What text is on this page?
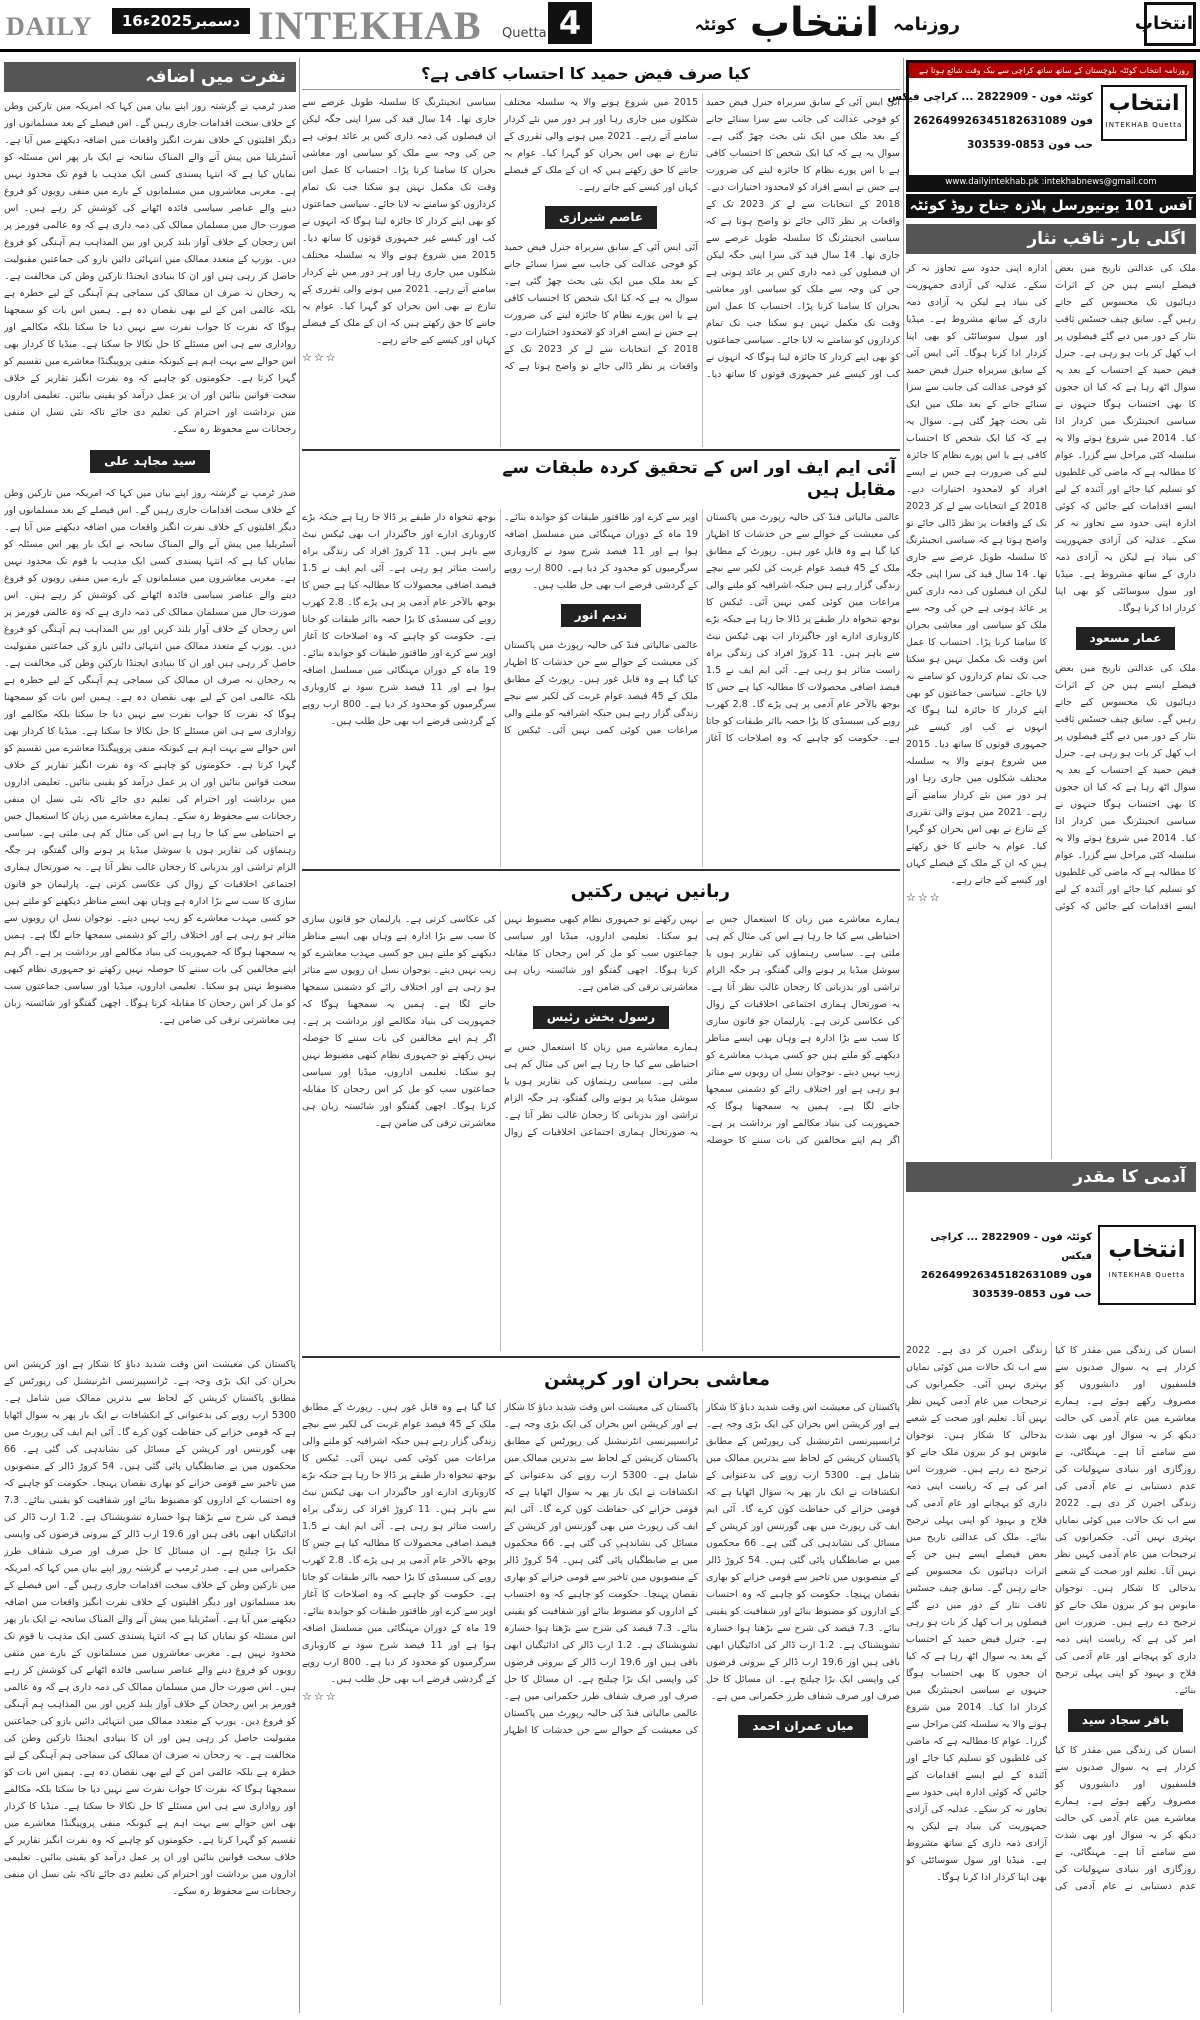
DAILY	16دسمبر2025ء INTEKHAB Quetta 4	روزنامہ انتخاب کوئٹہ	انتخاب
نفرت میں اضافہ
صدر ٹرمپ نے گزشتہ روز اپنے بیان میں کہا کہ امریکہ میں تارکین وطن کے خلاف سخت اقدامات جاری رہیں گے۔ اس فیصلے کے بعد مسلمانوں اور دیگر اقلیتوں کے خلاف نفرت انگیز واقعات میں اضافہ دیکھنے میں آیا ہے۔ آسٹریلیا میں پیش آنے والے المناک سانحہ نے ایک بار پھر اس مسئلہ کو نمایاں کیا ہے کہ انتہا پسندی کسی ایک مذہب یا قوم تک محدود نہیں ہے۔ مغربی معاشروں میں مسلمانوں کے بارے میں منفی رویوں کو فروغ دینے والے عناصر سیاسی فائدہ اٹھانے کی کوشش کر رہے ہیں۔ اس صورت حال میں مسلمان ممالک کی ذمہ داری ہے کہ وہ عالمی فورمز پر اس رجحان کے خلاف آواز بلند کریں اور بین المذاہب ہم آہنگی کو فروغ دیں۔ یورپ کے متعدد ممالک میں انتہائی دائیں بازو کی جماعتیں مقبولیت حاصل کر رہی ہیں اور ان کا بنیادی ایجنڈا تارکین وطن کی مخالفت ہے۔ یہ رجحان نہ صرف ان ممالک کی سماجی ہم آہنگی کے لیے خطرہ ہے بلکہ عالمی امن کے لیے بھی نقصان دہ ہے۔ ہمیں اس بات کو سمجھنا ہوگا کہ نفرت کا جواب نفرت سے نہیں دیا جا سکتا بلکہ مکالمے اور رواداری سے ہی اس مسئلے کا حل نکالا جا سکتا ہے۔ میڈیا کا کردار بھی اس حوالے سے بہت اہم ہے کیونکہ منفی پروپیگنڈا معاشرے میں تقسیم کو گہرا کرتا ہے۔ حکومتوں کو چاہیے کہ وہ نفرت انگیز تقاریر کے خلاف سخت قوانین بنائیں اور ان پر عمل درآمد کو یقینی بنائیں۔ تعلیمی اداروں میں برداشت اور احترام کی تعلیم دی جائے تاکہ نئی نسل ان منفی رجحانات سے محفوظ رہ سکے۔
سید مجاہد علی
صدر ٹرمپ نے گزشتہ روز اپنے بیان میں کہا کہ امریکہ میں تارکین وطن کے خلاف سخت اقدامات جاری رہیں گے۔ اس فیصلے کے بعد مسلمانوں اور دیگر اقلیتوں کے خلاف نفرت انگیز واقعات میں اضافہ دیکھنے میں آیا ہے۔ آسٹریلیا میں پیش آنے والے المناک سانحہ نے ایک بار پھر اس مسئلہ کو نمایاں کیا ہے کہ انتہا پسندی کسی ایک مذہب یا قوم تک محدود نہیں ہے۔ مغربی معاشروں میں مسلمانوں کے بارے میں منفی رویوں کو فروغ دینے والے عناصر سیاسی فائدہ اٹھانے کی کوشش کر رہے ہیں۔ اس صورت حال میں مسلمان ممالک کی ذمہ داری ہے کہ وہ عالمی فورمز پر اس رجحان کے خلاف آواز بلند کریں اور بین المذاہب ہم آہنگی کو فروغ دیں۔ یورپ کے متعدد ممالک میں انتہائی دائیں بازو کی جماعتیں مقبولیت حاصل کر رہی ہیں اور ان کا بنیادی ایجنڈا تارکین وطن کی مخالفت ہے۔ یہ رجحان نہ صرف ان ممالک کی سماجی ہم آہنگی کے لیے خطرہ ہے بلکہ عالمی امن کے لیے بھی نقصان دہ ہے۔ ہمیں اس بات کو سمجھنا ہوگا کہ نفرت کا جواب نفرت سے نہیں دیا جا سکتا بلکہ مکالمے اور رواداری سے ہی اس مسئلے کا حل نکالا جا سکتا ہے۔ میڈیا کا کردار بھی اس حوالے سے بہت اہم ہے کیونکہ منفی پروپیگنڈا معاشرے میں تقسیم کو گہرا کرتا ہے۔ حکومتوں کو چاہیے کہ وہ نفرت انگیز تقاریر کے خلاف سخت قوانین بنائیں اور ان پر عمل درآمد کو یقینی بنائیں۔ تعلیمی اداروں میں برداشت اور احترام کی تعلیم دی جائے تاکہ نئی نسل ان منفی رجحانات سے محفوظ رہ سکے۔ ہمارے معاشرے میں زبان کا استعمال جس بے احتیاطی سے کیا جا رہا ہے اس کی مثال کم ہی ملتی ہے۔ سیاسی رہنماؤں کی تقاریر ہوں یا سوشل میڈیا پر ہونے والی گفتگو، ہر جگہ الزام تراشی اور بدزبانی کا رجحان غالب نظر آتا ہے۔ یہ صورتحال ہماری اجتماعی اخلاقیات کے زوال کی عکاسی کرتی ہے۔ پارلیمان جو قانون سازی کا سب سے بڑا ادارہ ہے وہاں بھی ایسے مناظر دیکھنے کو ملتے ہیں جو کسی مہذب معاشرے کو زیب نہیں دیتے۔ نوجوان نسل ان رویوں سے متاثر ہو رہی ہے اور اختلاف رائے کو دشمنی سمجھا جانے لگا ہے۔ ہمیں یہ سمجھنا ہوگا کہ جمہوریت کی بنیاد مکالمے اور برداشت پر ہے۔ اگر ہم اپنے مخالفین کی بات سننے کا حوصلہ نہیں رکھتے تو جمہوری نظام کبھی مضبوط نہیں ہو سکتا۔ تعلیمی اداروں، میڈیا اور سیاسی جماعتوں سب کو مل کر اس رجحان کا مقابلہ کرنا ہوگا۔ اچھی گفتگو اور شائستہ زبان ہی معاشرتی ترقی کی ضامن ہے۔
پاکستان کی معیشت اس وقت شدید دباؤ کا شکار ہے اور کرپشن اس بحران کی ایک بڑی وجہ ہے۔ ٹرانسپیرنسی انٹرنیشنل کی رپورٹس کے مطابق پاکستان کرپشن کے لحاظ سے بدترین ممالک میں شامل ہے۔ 5300 ارب روپے کی بدعنوانی کے انکشافات نے ایک بار پھر یہ سوال اٹھایا ہے کہ قومی خزانے کی حفاظت کون کرے گا۔ آئی ایم ایف کی رپورٹ میں بھی گورننس اور کرپشن کے مسائل کی نشاندہی کی گئی ہے۔ 66 محکموں میں بے ضابطگیاں پائی گئی ہیں۔ 54 کروڑ ڈالر کے منصوبوں میں تاخیر سے قومی خزانے کو بھاری نقصان پہنچا۔ حکومت کو چاہیے کہ وہ احتساب کے اداروں کو مضبوط بنائے اور شفافیت کو یقینی بنائے۔ 7.3 فیصد کی شرح سے بڑھتا ہوا خسارہ تشویشناک ہے۔ 1.2 ارب ڈالر کی ادائیگیاں ابھی باقی ہیں اور 19.6 ارب ڈالر کے بیرونی قرضوں کی واپسی ایک بڑا چیلنج ہے۔ ان مسائل کا حل صرف اور صرف شفاف طرز حکمرانی میں ہے۔ صدر ٹرمپ نے گزشتہ روز اپنے بیان میں کہا کہ امریکہ میں تارکین وطن کے خلاف سخت اقدامات جاری رہیں گے۔ اس فیصلے کے بعد مسلمانوں اور دیگر اقلیتوں کے خلاف نفرت انگیز واقعات میں اضافہ دیکھنے میں آیا ہے۔ آسٹریلیا میں پیش آنے والے المناک سانحہ نے ایک بار پھر اس مسئلہ کو نمایاں کیا ہے کہ انتہا پسندی کسی ایک مذہب یا قوم تک محدود نہیں ہے۔ مغربی معاشروں میں مسلمانوں کے بارے میں منفی رویوں کو فروغ دینے والے عناصر سیاسی فائدہ اٹھانے کی کوشش کر رہے ہیں۔ اس صورت حال میں مسلمان ممالک کی ذمہ داری ہے کہ وہ عالمی فورمز پر اس رجحان کے خلاف آواز بلند کریں اور بین المذاہب ہم آہنگی کو فروغ دیں۔ یورپ کے متعدد ممالک میں انتہائی دائیں بازو کی جماعتیں مقبولیت حاصل کر رہی ہیں اور ان کا بنیادی ایجنڈا تارکین وطن کی مخالفت ہے۔ یہ رجحان نہ صرف ان ممالک کی سماجی ہم آہنگی کے لیے خطرہ ہے بلکہ عالمی امن کے لیے بھی نقصان دہ ہے۔ ہمیں اس بات کو سمجھنا ہوگا کہ نفرت کا جواب نفرت سے نہیں دیا جا سکتا بلکہ مکالمے اور رواداری سے ہی اس مسئلے کا حل نکالا جا سکتا ہے۔ میڈیا کا کردار بھی اس حوالے سے بہت اہم ہے کیونکہ منفی پروپیگنڈا معاشرے میں تقسیم کو گہرا کرتا ہے۔ حکومتوں کو چاہیے کہ وہ نفرت انگیز تقاریر کے خلاف سخت قوانین بنائیں اور ان پر عمل درآمد کو یقینی بنائیں۔ تعلیمی اداروں میں برداشت اور احترام کی تعلیم دی جائے تاکہ نئی نسل ان منفی رجحانات سے محفوظ رہ سکے۔
کیا صرف فیض حمید کا احتساب کافی ہے؟
آئی ایس آئی کے سابق سربراہ جنرل فیض حمید کو فوجی عدالت کی جانب سے سزا سنائے جانے کے بعد ملک میں ایک نئی بحث چھڑ گئی ہے۔ سوال یہ ہے کہ کیا ایک شخص کا احتساب کافی ہے یا اس پورے نظام کا جائزہ لینے کی ضرورت ہے جس نے ایسے افراد کو لامحدود اختیارات دیے۔ 2018 کے انتخابات سے لے کر 2023 تک کے واقعات پر نظر ڈالی جائے تو واضح ہوتا ہے کہ سیاسی انجینئرنگ کا سلسلہ طویل عرصے سے جاری تھا۔ 14 سال قید کی سزا اپنی جگہ لیکن ان فیصلوں کی ذمہ داری کس پر عائد ہوتی ہے جن کی وجہ سے ملک کو سیاسی اور معاشی بحران کا سامنا کرنا پڑا۔ احتساب کا عمل اس وقت تک مکمل نہیں ہو سکتا جب تک تمام کرداروں کو سامنے نہ لایا جائے۔ سیاسی جماعتوں کو بھی اپنے کردار کا جائزہ لینا ہوگا کہ انہوں نے کب اور کیسے غیر جمہوری قوتوں کا ساتھ دیا۔ 2015 میں شروع ہونے والا یہ سلسلہ مختلف شکلوں میں جاری رہا اور ہر دور میں نئے کردار سامنے آتے رہے۔ 2021 میں ہونے والی تقرری کے تنازع نے بھی اس بحران کو گہرا کیا۔ عوام یہ جاننے کا حق رکھتے ہیں کہ ان کے ملک کے فیصلے کہاں اور کیسے کیے جاتے رہے۔
عاصم شیرازی
آئی ایس آئی کے سابق سربراہ جنرل فیض حمید کو فوجی عدالت کی جانب سے سزا سنائے جانے کے بعد ملک میں ایک نئی بحث چھڑ گئی ہے۔ سوال یہ ہے کہ کیا ایک شخص کا احتساب کافی ہے یا اس پورے نظام کا جائزہ لینے کی ضرورت ہے جس نے ایسے افراد کو لامحدود اختیارات دیے۔ 2018 کے انتخابات سے لے کر 2023 تک کے واقعات پر نظر ڈالی جائے تو واضح ہوتا ہے کہ سیاسی انجینئرنگ کا سلسلہ طویل عرصے سے جاری تھا۔ 14 سال قید کی سزا اپنی جگہ لیکن ان فیصلوں کی ذمہ داری کس پر عائد ہوتی ہے جن کی وجہ سے ملک کو سیاسی اور معاشی بحران کا سامنا کرنا پڑا۔ احتساب کا عمل اس وقت تک مکمل نہیں ہو سکتا جب تک تمام کرداروں کو سامنے نہ لایا جائے۔ سیاسی جماعتوں کو بھی اپنے کردار کا جائزہ لینا ہوگا کہ انہوں نے کب اور کیسے غیر جمہوری قوتوں کا ساتھ دیا۔ 2015 میں شروع ہونے والا یہ سلسلہ مختلف شکلوں میں جاری رہا اور ہر دور میں نئے کردار سامنے آتے رہے۔ 2021 میں ہونے والی تقرری کے تنازع نے بھی اس بحران کو گہرا کیا۔ عوام یہ جاننے کا حق رکھتے ہیں کہ ان کے ملک کے فیصلے کہاں اور کیسے کیے جاتے رہے۔
☆☆☆
آئی ایم ایف اور اس کے تحقیق کردہ طبقات سے مقابل ہیں
عالمی مالیاتی فنڈ کی حالیہ رپورٹ میں پاکستان کی معیشت کے حوالے سے جن خدشات کا اظہار کیا گیا ہے وہ قابل غور ہیں۔ رپورٹ کے مطابق ملک کے 45 فیصد عوام غربت کی لکیر سے نیچے زندگی گزار رہے ہیں جبکہ اشرافیہ کو ملنے والی مراعات میں کوئی کمی نہیں آئی۔ ٹیکس کا بوجھ تنخواہ دار طبقے پر ڈالا جا رہا ہے جبکہ بڑے کاروباری ادارے اور جاگیردار اب بھی ٹیکس نیٹ سے باہر ہیں۔ 11 کروڑ افراد کی زندگی براہ راست متاثر ہو رہی ہے۔ آئی ایم ایف نے 1.5 فیصد اضافی محصولات کا مطالبہ کیا ہے جس کا بوجھ بالآخر عام آدمی پر ہی پڑے گا۔ 2.8 کھرب روپے کی سبسڈی کا بڑا حصہ بااثر طبقات کو جاتا ہے۔ حکومت کو چاہیے کہ وہ اصلاحات کا آغاز اوپر سے کرے اور طاقتور طبقات کو جوابدہ بنائے۔ 19 ماہ کے دوران مہنگائی میں مسلسل اضافہ ہوا ہے اور 11 فیصد شرح سود نے کاروباری سرگرمیوں کو محدود کر دیا ہے۔ 800 ارب روپے کے گردشی قرضے اب بھی حل طلب ہیں۔
ندیم انور
عالمی مالیاتی فنڈ کی حالیہ رپورٹ میں پاکستان کی معیشت کے حوالے سے جن خدشات کا اظہار کیا گیا ہے وہ قابل غور ہیں۔ رپورٹ کے مطابق ملک کے 45 فیصد عوام غربت کی لکیر سے نیچے زندگی گزار رہے ہیں جبکہ اشرافیہ کو ملنے والی مراعات میں کوئی کمی نہیں آئی۔ ٹیکس کا بوجھ تنخواہ دار طبقے پر ڈالا جا رہا ہے جبکہ بڑے کاروباری ادارے اور جاگیردار اب بھی ٹیکس نیٹ سے باہر ہیں۔ 11 کروڑ افراد کی زندگی براہ راست متاثر ہو رہی ہے۔ آئی ایم ایف نے 1.5 فیصد اضافی محصولات کا مطالبہ کیا ہے جس کا بوجھ بالآخر عام آدمی پر ہی پڑے گا۔ 2.8 کھرب روپے کی سبسڈی کا بڑا حصہ بااثر طبقات کو جاتا ہے۔ حکومت کو چاہیے کہ وہ اصلاحات کا آغاز اوپر سے کرے اور طاقتور طبقات کو جوابدہ بنائے۔ 19 ماہ کے دوران مہنگائی میں مسلسل اضافہ ہوا ہے اور 11 فیصد شرح سود نے کاروباری سرگرمیوں کو محدود کر دیا ہے۔ 800 ارب روپے کے گردشی قرضے اب بھی حل طلب ہیں۔
ربانیں نہیں رکتیں
ہمارے معاشرے میں زبان کا استعمال جس بے احتیاطی سے کیا جا رہا ہے اس کی مثال کم ہی ملتی ہے۔ سیاسی رہنماؤں کی تقاریر ہوں یا سوشل میڈیا پر ہونے والی گفتگو، ہر جگہ الزام تراشی اور بدزبانی کا رجحان غالب نظر آتا ہے۔ یہ صورتحال ہماری اجتماعی اخلاقیات کے زوال کی عکاسی کرتی ہے۔ پارلیمان جو قانون سازی کا سب سے بڑا ادارہ ہے وہاں بھی ایسے مناظر دیکھنے کو ملتے ہیں جو کسی مہذب معاشرے کو زیب نہیں دیتے۔ نوجوان نسل ان رویوں سے متاثر ہو رہی ہے اور اختلاف رائے کو دشمنی سمجھا جانے لگا ہے۔ ہمیں یہ سمجھنا ہوگا کہ جمہوریت کی بنیاد مکالمے اور برداشت پر ہے۔ اگر ہم اپنے مخالفین کی بات سننے کا حوصلہ نہیں رکھتے تو جمہوری نظام کبھی مضبوط نہیں ہو سکتا۔ تعلیمی اداروں، میڈیا اور سیاسی جماعتوں سب کو مل کر اس رجحان کا مقابلہ کرنا ہوگا۔ اچھی گفتگو اور شائستہ زبان ہی معاشرتی ترقی کی ضامن ہے۔
رسول بخش رئیس
ہمارے معاشرے میں زبان کا استعمال جس بے احتیاطی سے کیا جا رہا ہے اس کی مثال کم ہی ملتی ہے۔ سیاسی رہنماؤں کی تقاریر ہوں یا سوشل میڈیا پر ہونے والی گفتگو، ہر جگہ الزام تراشی اور بدزبانی کا رجحان غالب نظر آتا ہے۔ یہ صورتحال ہماری اجتماعی اخلاقیات کے زوال کی عکاسی کرتی ہے۔ پارلیمان جو قانون سازی کا سب سے بڑا ادارہ ہے وہاں بھی ایسے مناظر دیکھنے کو ملتے ہیں جو کسی مہذب معاشرے کو زیب نہیں دیتے۔ نوجوان نسل ان رویوں سے متاثر ہو رہی ہے اور اختلاف رائے کو دشمنی سمجھا جانے لگا ہے۔ ہمیں یہ سمجھنا ہوگا کہ جمہوریت کی بنیاد مکالمے اور برداشت پر ہے۔ اگر ہم اپنے مخالفین کی بات سننے کا حوصلہ نہیں رکھتے تو جمہوری نظام کبھی مضبوط نہیں ہو سکتا۔ تعلیمی اداروں، میڈیا اور سیاسی جماعتوں سب کو مل کر اس رجحان کا مقابلہ کرنا ہوگا۔ اچھی گفتگو اور شائستہ زبان ہی معاشرتی ترقی کی ضامن ہے۔
معاشی بحران اور کرپشن
پاکستان کی معیشت اس وقت شدید دباؤ کا شکار ہے اور کرپشن اس بحران کی ایک بڑی وجہ ہے۔ ٹرانسپیرنسی انٹرنیشنل کی رپورٹس کے مطابق پاکستان کرپشن کے لحاظ سے بدترین ممالک میں شامل ہے۔ 5300 ارب روپے کی بدعنوانی کے انکشافات نے ایک بار پھر یہ سوال اٹھایا ہے کہ قومی خزانے کی حفاظت کون کرے گا۔ آئی ایم ایف کی رپورٹ میں بھی گورننس اور کرپشن کے مسائل کی نشاندہی کی گئی ہے۔ 66 محکموں میں بے ضابطگیاں پائی گئی ہیں۔ 54 کروڑ ڈالر کے منصوبوں میں تاخیر سے قومی خزانے کو بھاری نقصان پہنچا۔ حکومت کو چاہیے کہ وہ احتساب کے اداروں کو مضبوط بنائے اور شفافیت کو یقینی بنائے۔ 7.3 فیصد کی شرح سے بڑھتا ہوا خسارہ تشویشناک ہے۔ 1.2 ارب ڈالر کی ادائیگیاں ابھی باقی ہیں اور 19.6 ارب ڈالر کے بیرونی قرضوں کی واپسی ایک بڑا چیلنج ہے۔ ان مسائل کا حل صرف اور صرف شفاف طرز حکمرانی میں ہے۔
میاں عمران احمد
پاکستان کی معیشت اس وقت شدید دباؤ کا شکار ہے اور کرپشن اس بحران کی ایک بڑی وجہ ہے۔ ٹرانسپیرنسی انٹرنیشنل کی رپورٹس کے مطابق پاکستان کرپشن کے لحاظ سے بدترین ممالک میں شامل ہے۔ 5300 ارب روپے کی بدعنوانی کے انکشافات نے ایک بار پھر یہ سوال اٹھایا ہے کہ قومی خزانے کی حفاظت کون کرے گا۔ آئی ایم ایف کی رپورٹ میں بھی گورننس اور کرپشن کے مسائل کی نشاندہی کی گئی ہے۔ 66 محکموں میں بے ضابطگیاں پائی گئی ہیں۔ 54 کروڑ ڈالر کے منصوبوں میں تاخیر سے قومی خزانے کو بھاری نقصان پہنچا۔ حکومت کو چاہیے کہ وہ احتساب کے اداروں کو مضبوط بنائے اور شفافیت کو یقینی بنائے۔ 7.3 فیصد کی شرح سے بڑھتا ہوا خسارہ تشویشناک ہے۔ 1.2 ارب ڈالر کی ادائیگیاں ابھی باقی ہیں اور 19.6 ارب ڈالر کے بیرونی قرضوں کی واپسی ایک بڑا چیلنج ہے۔ ان مسائل کا حل صرف اور صرف شفاف طرز حکمرانی میں ہے۔ عالمی مالیاتی فنڈ کی حالیہ رپورٹ میں پاکستان کی معیشت کے حوالے سے جن خدشات کا اظہار کیا گیا ہے وہ قابل غور ہیں۔ رپورٹ کے مطابق ملک کے 45 فیصد عوام غربت کی لکیر سے نیچے زندگی گزار رہے ہیں جبکہ اشرافیہ کو ملنے والی مراعات میں کوئی کمی نہیں آئی۔ ٹیکس کا بوجھ تنخواہ دار طبقے پر ڈالا جا رہا ہے جبکہ بڑے کاروباری ادارے اور جاگیردار اب بھی ٹیکس نیٹ سے باہر ہیں۔ 11 کروڑ افراد کی زندگی براہ راست متاثر ہو رہی ہے۔ آئی ایم ایف نے 1.5 فیصد اضافی محصولات کا مطالبہ کیا ہے جس کا بوجھ بالآخر عام آدمی پر ہی پڑے گا۔ 2.8 کھرب روپے کی سبسڈی کا بڑا حصہ بااثر طبقات کو جاتا ہے۔ حکومت کو چاہیے کہ وہ اصلاحات کا آغاز اوپر سے کرے اور طاقتور طبقات کو جوابدہ بنائے۔ 19 ماہ کے دوران مہنگائی میں مسلسل اضافہ ہوا ہے اور 11 فیصد شرح سود نے کاروباری سرگرمیوں کو محدود کر دیا ہے۔ 800 ارب روپے کے گردشی قرضے اب بھی حل طلب ہیں۔
☆☆☆
روزنامہ انتخاب کوئٹہ بلوچستان کے ساتھ ساتھ کراچی سے بیک وقت شائع ہوتا ہے
انتخاب
INTEKHAB Quetta
کوئٹہ فون - 2822909 ... کراچی فیکس
فون 2626499263451826310​89
حب فون 0853-303539
www.dailyintekhab.pk :intekhabnews@gmail.com
آفس 101 یونیورسل پلازہ جناح روڈ کوئٹہ
اگلی بار- ثاقب نثار
ملک کی عدالتی تاریخ میں بعض فیصلے ایسے ہیں جن کے اثرات دہائیوں تک محسوس کیے جاتے رہیں گے۔ سابق چیف جسٹس ثاقب نثار کے دور میں دیے گئے فیصلوں پر اب کھل کر بات ہو رہی ہے۔ جنرل فیض حمید کے احتساب کے بعد یہ سوال اٹھ رہا ہے کہ کیا ان ججوں کا بھی احتساب ہوگا جنہوں نے سیاسی انجینئرنگ میں کردار ادا کیا۔ 2014 میں شروع ہونے والا یہ سلسلہ کئی مراحل سے گزرا۔ عوام کا مطالبہ ہے کہ ماضی کی غلطیوں کو تسلیم کیا جائے اور آئندہ کے لیے ایسے اقدامات کیے جائیں کہ کوئی ادارہ اپنی حدود سے تجاوز نہ کر سکے۔ عدلیہ کی آزادی جمہوریت کی بنیاد ہے لیکن یہ آزادی ذمہ داری کے ساتھ مشروط ہے۔ میڈیا اور سول سوسائٹی کو بھی اپنا کردار ادا کرنا ہوگا۔
عمار مسعود
ملک کی عدالتی تاریخ میں بعض فیصلے ایسے ہیں جن کے اثرات دہائیوں تک محسوس کیے جاتے رہیں گے۔ سابق چیف جسٹس ثاقب نثار کے دور میں دیے گئے فیصلوں پر اب کھل کر بات ہو رہی ہے۔ جنرل فیض حمید کے احتساب کے بعد یہ سوال اٹھ رہا ہے کہ کیا ان ججوں کا بھی احتساب ہوگا جنہوں نے سیاسی انجینئرنگ میں کردار ادا کیا۔ 2014 میں شروع ہونے والا یہ سلسلہ کئی مراحل سے گزرا۔ عوام کا مطالبہ ہے کہ ماضی کی غلطیوں کو تسلیم کیا جائے اور آئندہ کے لیے ایسے اقدامات کیے جائیں کہ کوئی ادارہ اپنی حدود سے تجاوز نہ کر سکے۔ عدلیہ کی آزادی جمہوریت کی بنیاد ہے لیکن یہ آزادی ذمہ داری کے ساتھ مشروط ہے۔ میڈیا اور سول سوسائٹی کو بھی اپنا کردار ادا کرنا ہوگا۔ آئی ایس آئی کے سابق سربراہ جنرل فیض حمید کو فوجی عدالت کی جانب سے سزا سنائے جانے کے بعد ملک میں ایک نئی بحث چھڑ گئی ہے۔ سوال یہ ہے کہ کیا ایک شخص کا احتساب کافی ہے یا اس پورے نظام کا جائزہ لینے کی ضرورت ہے جس نے ایسے افراد کو لامحدود اختیارات دیے۔ 2018 کے انتخابات سے لے کر 2023 تک کے واقعات پر نظر ڈالی جائے تو واضح ہوتا ہے کہ سیاسی انجینئرنگ کا سلسلہ طویل عرصے سے جاری تھا۔ 14 سال قید کی سزا اپنی جگہ لیکن ان فیصلوں کی ذمہ داری کس پر عائد ہوتی ہے جن کی وجہ سے ملک کو سیاسی اور معاشی بحران کا سامنا کرنا پڑا۔ احتساب کا عمل اس وقت تک مکمل نہیں ہو سکتا جب تک تمام کرداروں کو سامنے نہ لایا جائے۔ سیاسی جماعتوں کو بھی اپنے کردار کا جائزہ لینا ہوگا کہ انہوں نے کب اور کیسے غیر جمہوری قوتوں کا ساتھ دیا۔ 2015 میں شروع ہونے والا یہ سلسلہ مختلف شکلوں میں جاری رہا اور ہر دور میں نئے کردار سامنے آتے رہے۔ 2021 میں ہونے والی تقرری کے تنازع نے بھی اس بحران کو گہرا کیا۔ عوام یہ جاننے کا حق رکھتے ہیں کہ ان کے ملک کے فیصلے کہاں اور کیسے کیے جاتے رہے۔
☆☆☆
آدمی کا مقدر
انسان کی زندگی میں مقدر کا کیا کردار ہے یہ سوال صدیوں سے فلسفیوں اور دانشوروں کو مصروف رکھے ہوئے ہے۔ ہمارے معاشرے میں عام آدمی کی حالت دیکھ کر یہ سوال اور بھی شدت سے سامنے آتا ہے۔ مہنگائی، بے روزگاری اور بنیادی سہولیات کی عدم دستیابی نے عام آدمی کی زندگی اجیرن کر دی ہے۔ 2022 سے اب تک حالات میں کوئی نمایاں بہتری نہیں آئی۔ حکمرانوں کی ترجیحات میں عام آدمی کہیں نظر نہیں آتا۔ تعلیم اور صحت کے شعبے بدحالی کا شکار ہیں۔ نوجوان مایوس ہو کر بیرون ملک جانے کو ترجیح دے رہے ہیں۔ ضرورت اس امر کی ہے کہ ریاست اپنی ذمہ داری کو پہچانے اور عام آدمی کی فلاح و بہبود کو اپنی پہلی ترجیح بنائے۔
باقر سجاد سید
انسان کی زندگی میں مقدر کا کیا کردار ہے یہ سوال صدیوں سے فلسفیوں اور دانشوروں کو مصروف رکھے ہوئے ہے۔ ہمارے معاشرے میں عام آدمی کی حالت دیکھ کر یہ سوال اور بھی شدت سے سامنے آتا ہے۔ مہنگائی، بے روزگاری اور بنیادی سہولیات کی عدم دستیابی نے عام آدمی کی زندگی اجیرن کر دی ہے۔ 2022 سے اب تک حالات میں کوئی نمایاں بہتری نہیں آئی۔ حکمرانوں کی ترجیحات میں عام آدمی کہیں نظر نہیں آتا۔ تعلیم اور صحت کے شعبے بدحالی کا شکار ہیں۔ نوجوان مایوس ہو کر بیرون ملک جانے کو ترجیح دے رہے ہیں۔ ضرورت اس امر کی ہے کہ ریاست اپنی ذمہ داری کو پہچانے اور عام آدمی کی فلاح و بہبود کو اپنی پہلی ترجیح بنائے۔ ملک کی عدالتی تاریخ میں بعض فیصلے ایسے ہیں جن کے اثرات دہائیوں تک محسوس کیے جاتے رہیں گے۔ سابق چیف جسٹس ثاقب نثار کے دور میں دیے گئے فیصلوں پر اب کھل کر بات ہو رہی ہے۔ جنرل فیض حمید کے احتساب کے بعد یہ سوال اٹھ رہا ہے کہ کیا ان ججوں کا بھی احتساب ہوگا جنہوں نے سیاسی انجینئرنگ میں کردار ادا کیا۔ 2014 میں شروع ہونے والا یہ سلسلہ کئی مراحل سے گزرا۔ عوام کا مطالبہ ہے کہ ماضی کی غلطیوں کو تسلیم کیا جائے اور آئندہ کے لیے ایسے اقدامات کیے جائیں کہ کوئی ادارہ اپنی حدود سے تجاوز نہ کر سکے۔ عدلیہ کی آزادی جمہوریت کی بنیاد ہے لیکن یہ آزادی ذمہ داری کے ساتھ مشروط ہے۔ میڈیا اور سول سوسائٹی کو بھی اپنا کردار ادا کرنا ہوگا۔
انتخاب
INTEKHAB Quetta
کوئٹہ فون - 2822909 ... کراچی فیکس
فون 2626499263451826310​89
حب فون 0853-303539
